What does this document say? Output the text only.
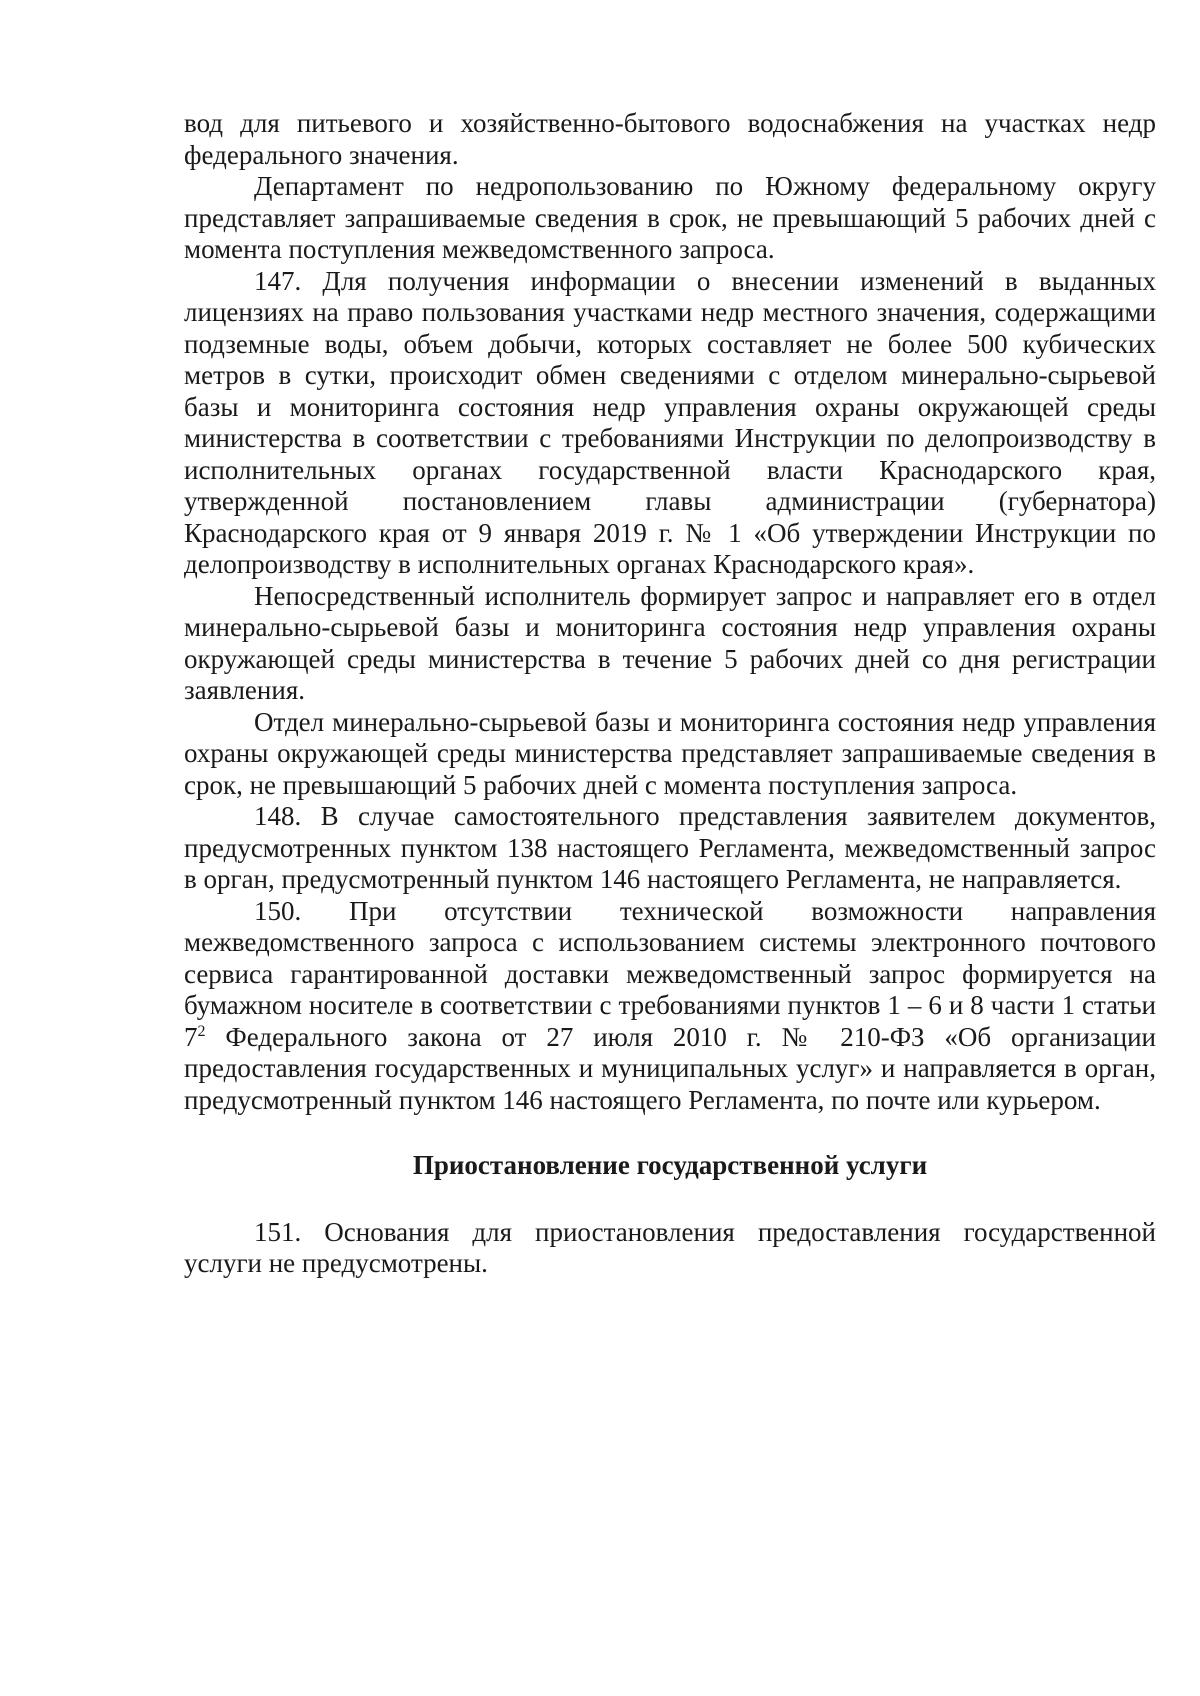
вод для питьевого и хозяйственно-бытового водоснабжения на участках недр федерального значения.

Департамент по недропользованию по Южному федеральному округу представляет запрашиваемые сведения в срок, не превышающий 5 рабочих дней с момента поступления межведомственного запроса.

147. Для получения информации о внесении изменений в выданных лицензиях на право пользования участками недр местного значения, содержащими подземные воды, объем добычи, которых составляет не более 500 кубических метров в сутки, происходит обмен сведениями с отделом минерально-сырьевой базы и мониторинга состояния недр управления охраны окружающей среды министерства в соответствии с требованиями Инструкции по делопроизводству в исполнительных органах государственной власти Краснодарского края, утвержденной постановлением главы администрации (губернатора) Краснодарского края от 9 января 2019 г. № 1 «Об утверждении Инструкции по делопроизводству в исполнительных органах Краснодарского края».

Непосредственный исполнитель формирует запрос и направляет его в отдел минерально-сырьевой базы и мониторинга состояния недр управления охраны окружающей среды министерства в течение 5 рабочих дней со дня регистрации заявления.

Отдел минерально-сырьевой базы и мониторинга состояния недр управления охраны окружающей среды министерства представляет запрашиваемые сведения в срок, не превышающий 5 рабочих дней с момента поступления запроса.

148. В случае самостоятельного представления заявителем документов, предусмотренных пунктом 138 настоящего Регламента, межведомственный запрос в орган, предусмотренный пунктом 146 настоящего Регламента, не направляется.

150. При отсутствии технической возможности направления межведомственного запроса с использованием системы электронного почтового сервиса гарантированной доставки межведомственный запрос формируется на бумажном носителе в соответствии с требованиями пунктов 1 – 6 и 8 части 1 статьи $7^2$ Федерального закона от 27 июля 2010 г. № 210-ФЗ «Об организации предоставления государственных и муниципальных услуг» и направляется в орган, предусмотренный пунктом 146 настоящего Регламента, по почте или курьером.

Приостановление государственной услуги

151. Основания для приостановления предоставления государственной услуги не предусмотрены.
